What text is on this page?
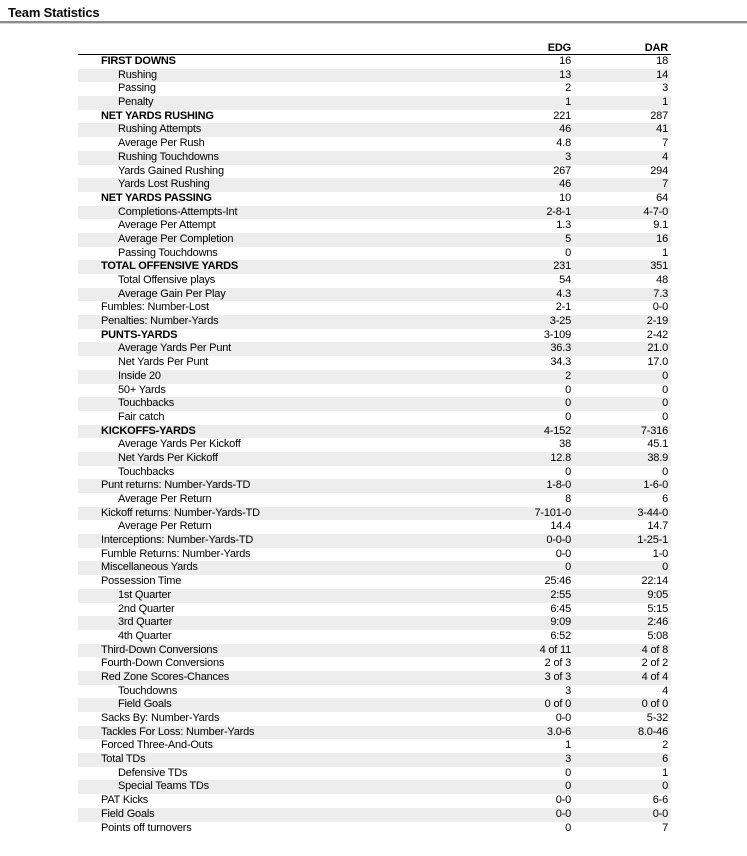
Team Statistics
EDG	DAR
FIRST DOWNS	16	18
Rushing	13	14
Passing	2	3
Penalty	1	1
NET YARDS RUSHING	221	287
Rushing Attempts	46	41
Average Per Rush	4.8	7
Rushing Touchdowns	3	4
Yards Gained Rushing	267	294
Yards Lost Rushing	46	7
NET YARDS PASSING	10	64
Completions-Attempts-Int	2-8-1	4-7-0
Average Per Attempt	1.3	9.1
Average Per Completion	5	16
Passing Touchdowns	0	1
TOTAL OFFENSIVE YARDS	231	351
Total Offensive plays	54	48
Average Gain Per Play	4.3	7.3
Fumbles: Number-Lost	2-1	0-0
Penalties: Number-Yards	3-25	2-19
PUNTS-YARDS	3-109	2-42
Average Yards Per Punt	36.3	21.0
Net Yards Per Punt	34.3	17.0
Inside 20	2	0
50+ Yards	0	0
Touchbacks	0	0
Fair catch	0	0
KICKOFFS-YARDS	4-152	7-316
Average Yards Per Kickoff	38	45.1
Net Yards Per Kickoff	12.8	38.9
Touchbacks	0	0
Punt returns: Number-Yards-TD	1-8-0	1-6-0
Average Per Return	8	6
Kickoff returns: Number-Yards-TD	7-101-0	3-44-0
Average Per Return	14.4	14.7
Interceptions: Number-Yards-TD	0-0-0	1-25-1
Fumble Returns: Number-Yards	0-0	1-0
Miscellaneous Yards	0	0
Possession Time	25:46	22:14
1st Quarter	2:55	9:05
2nd Quarter	6:45	5:15
3rd Quarter	9:09	2:46
4th Quarter	6:52	5:08
Third-Down Conversions	4 of 11	4 of 8
Fourth-Down Conversions	2 of 3	2 of 2
Red Zone Scores-Chances	3 of 3	4 of 4
Touchdowns	3	4
Field Goals	0 of 0	0 of 0
Sacks By: Number-Yards	0-0	5-32
Tackles For Loss: Number-Yards	3.0-6	8.0-46
Forced Three-And-Outs	1	2
Total TDs	3	6
Defensive TDs	0	1
Special Teams TDs	0	0
PAT Kicks	0-0	6-6
Field Goals	0-0	0-0
Points off turnovers	0	7
